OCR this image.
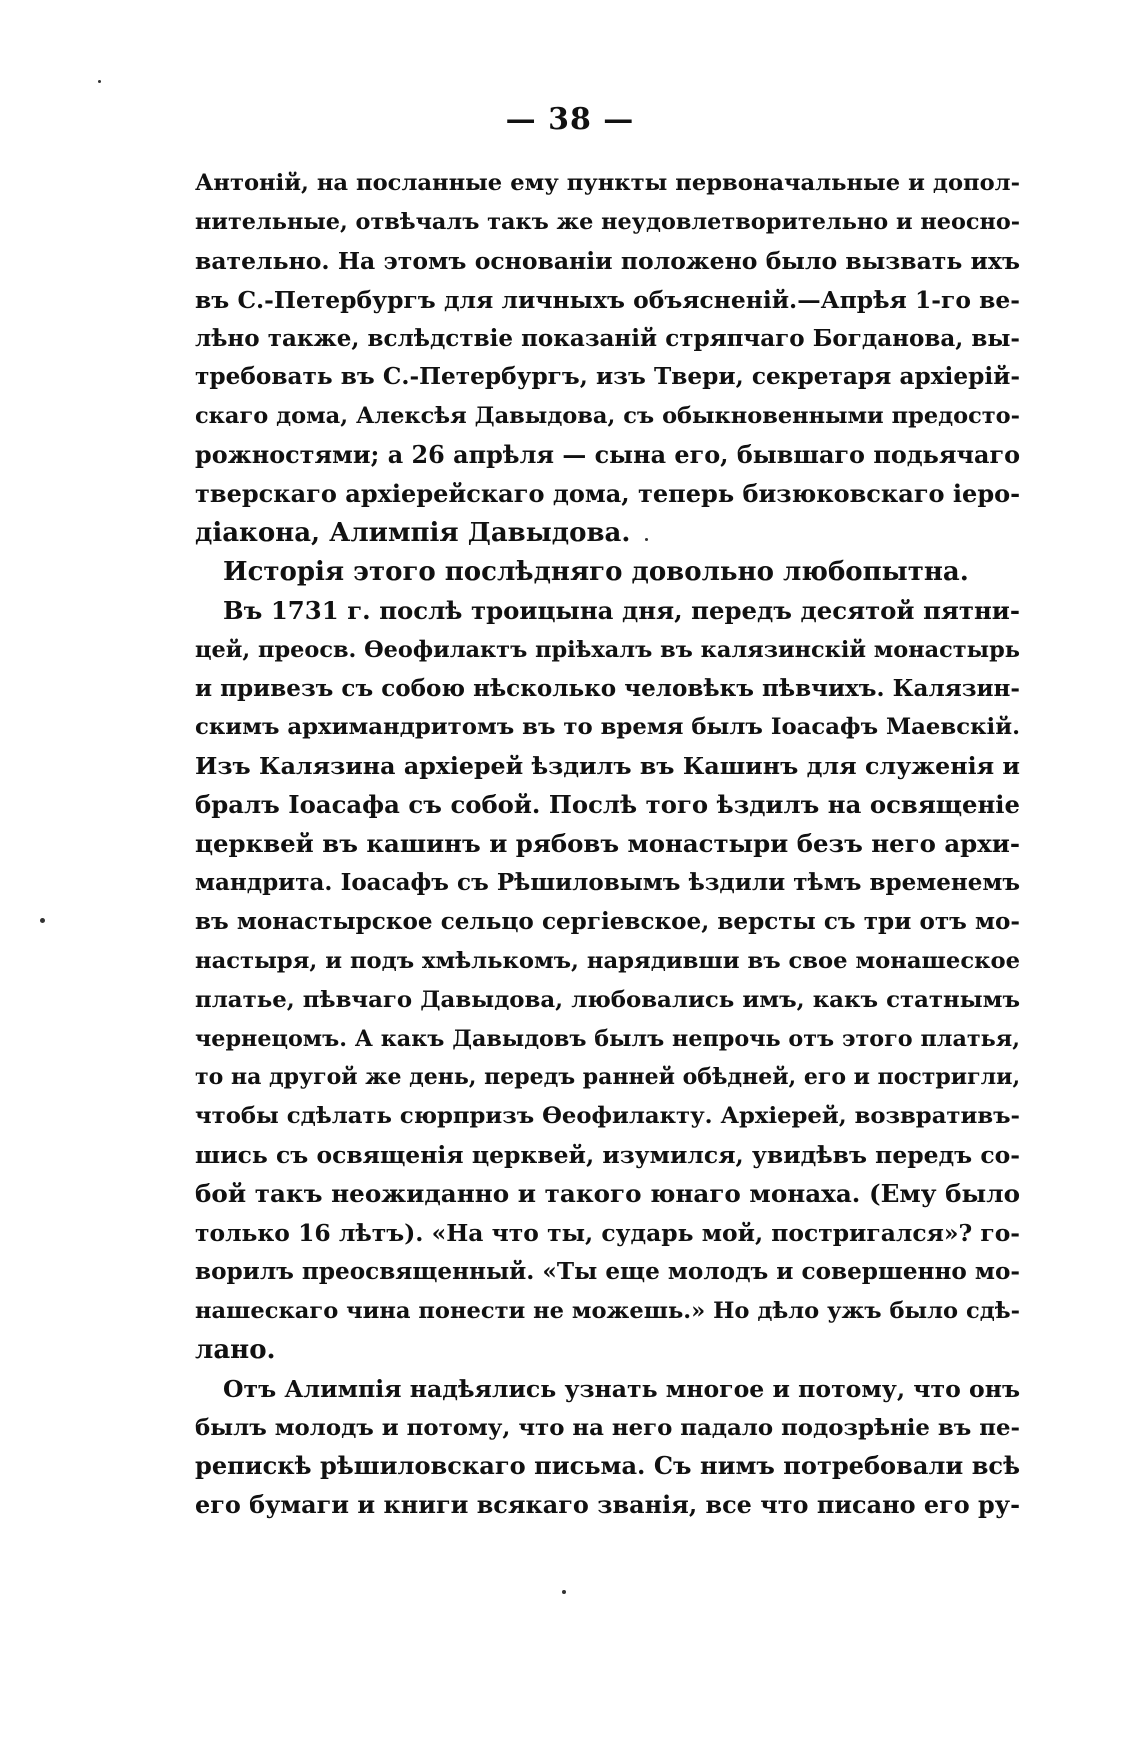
— 38 —
Антонiй, на посланные ему пункты первоначальные и допол-
нительные, отвѣчалъ такъ же неудовлетворительно и неосно-
вательно. На этомъ основанiи положено было вызвать ихъ
въ С.-Петербургъ для личныхъ объясненiй.—Апрѣя 1-го ве-
лѣно также, вслѣдствiе показанiй стряпчаго Богданова, вы-
требовать въ С.-Петербургъ, изъ Твери, секретаря архiерiй-
скаго дома, Алексѣя Давыдова, съ обыкновенными предосто-
рожностями; а 26 апрѣля — сына его, бывшаго подьячаго
тверскаго архiерейскаго дома, теперь бизюковскаго iеро-
дiакона, Алимпiя Давыдова.
Исторiя этого послѣдняго довольно любопытна.
Въ 1731 г. послѣ троицына дня, передъ десятой пятни-
цей, преосв. Ѳеофилактъ прiѣхалъ въ калязинскiй монастырь
и привезъ съ собою нѣсколько человѣкъ пѣвчихъ. Калязин-
скимъ архимандритомъ въ то время былъ Iоасафъ Маевскiй.
Изъ Калязина архiерей ѣздилъ въ Кашинъ для служенiя и
бралъ Iоасафа съ собой. Послѣ того ѣздилъ на освященiе
церквей въ кашинъ и рябовъ монастыри безъ него архи-
мандрита. Iоасафъ съ Рѣшиловымъ ѣздили тѣмъ временемъ
въ монастырское сельцо сергiевское, версты съ три отъ мо-
настыря, и подъ хмѣлькомъ, нарядивши въ свое монашеское
платье, пѣвчаго Давыдова, любовались имъ, какъ статнымъ
чернецомъ. А какъ Давыдовъ былъ непрочь отъ этого платья,
то на другой же день, передъ ранней обѣдней, его и постригли,
чтобы сдѣлать сюрпризъ Ѳеофилакту. Архiерей, возвративъ-
шись съ освященiя церквей, изумился, увидѣвъ передъ со-
бой такъ неожиданно и такого юнаго монаха. (Ему было
только 16 лѣтъ). «На что ты, сударь мой, постригался»? го-
ворилъ преосвященный. «Ты еще молодъ и совершенно мо-
нашескаго чина понести не можешь.» Но дѣло ужъ было сдѣ-
лано.
Отъ Алимпiя надѣялись узнать многое и потому, что онъ
былъ молодъ и потому, что на него падало подозрѣнiе въ пе-
репискѣ рѣшиловскаго письма. Съ нимъ потребовали всѣ
его бумаги и книги всякаго званiя, все что писано его ру-
